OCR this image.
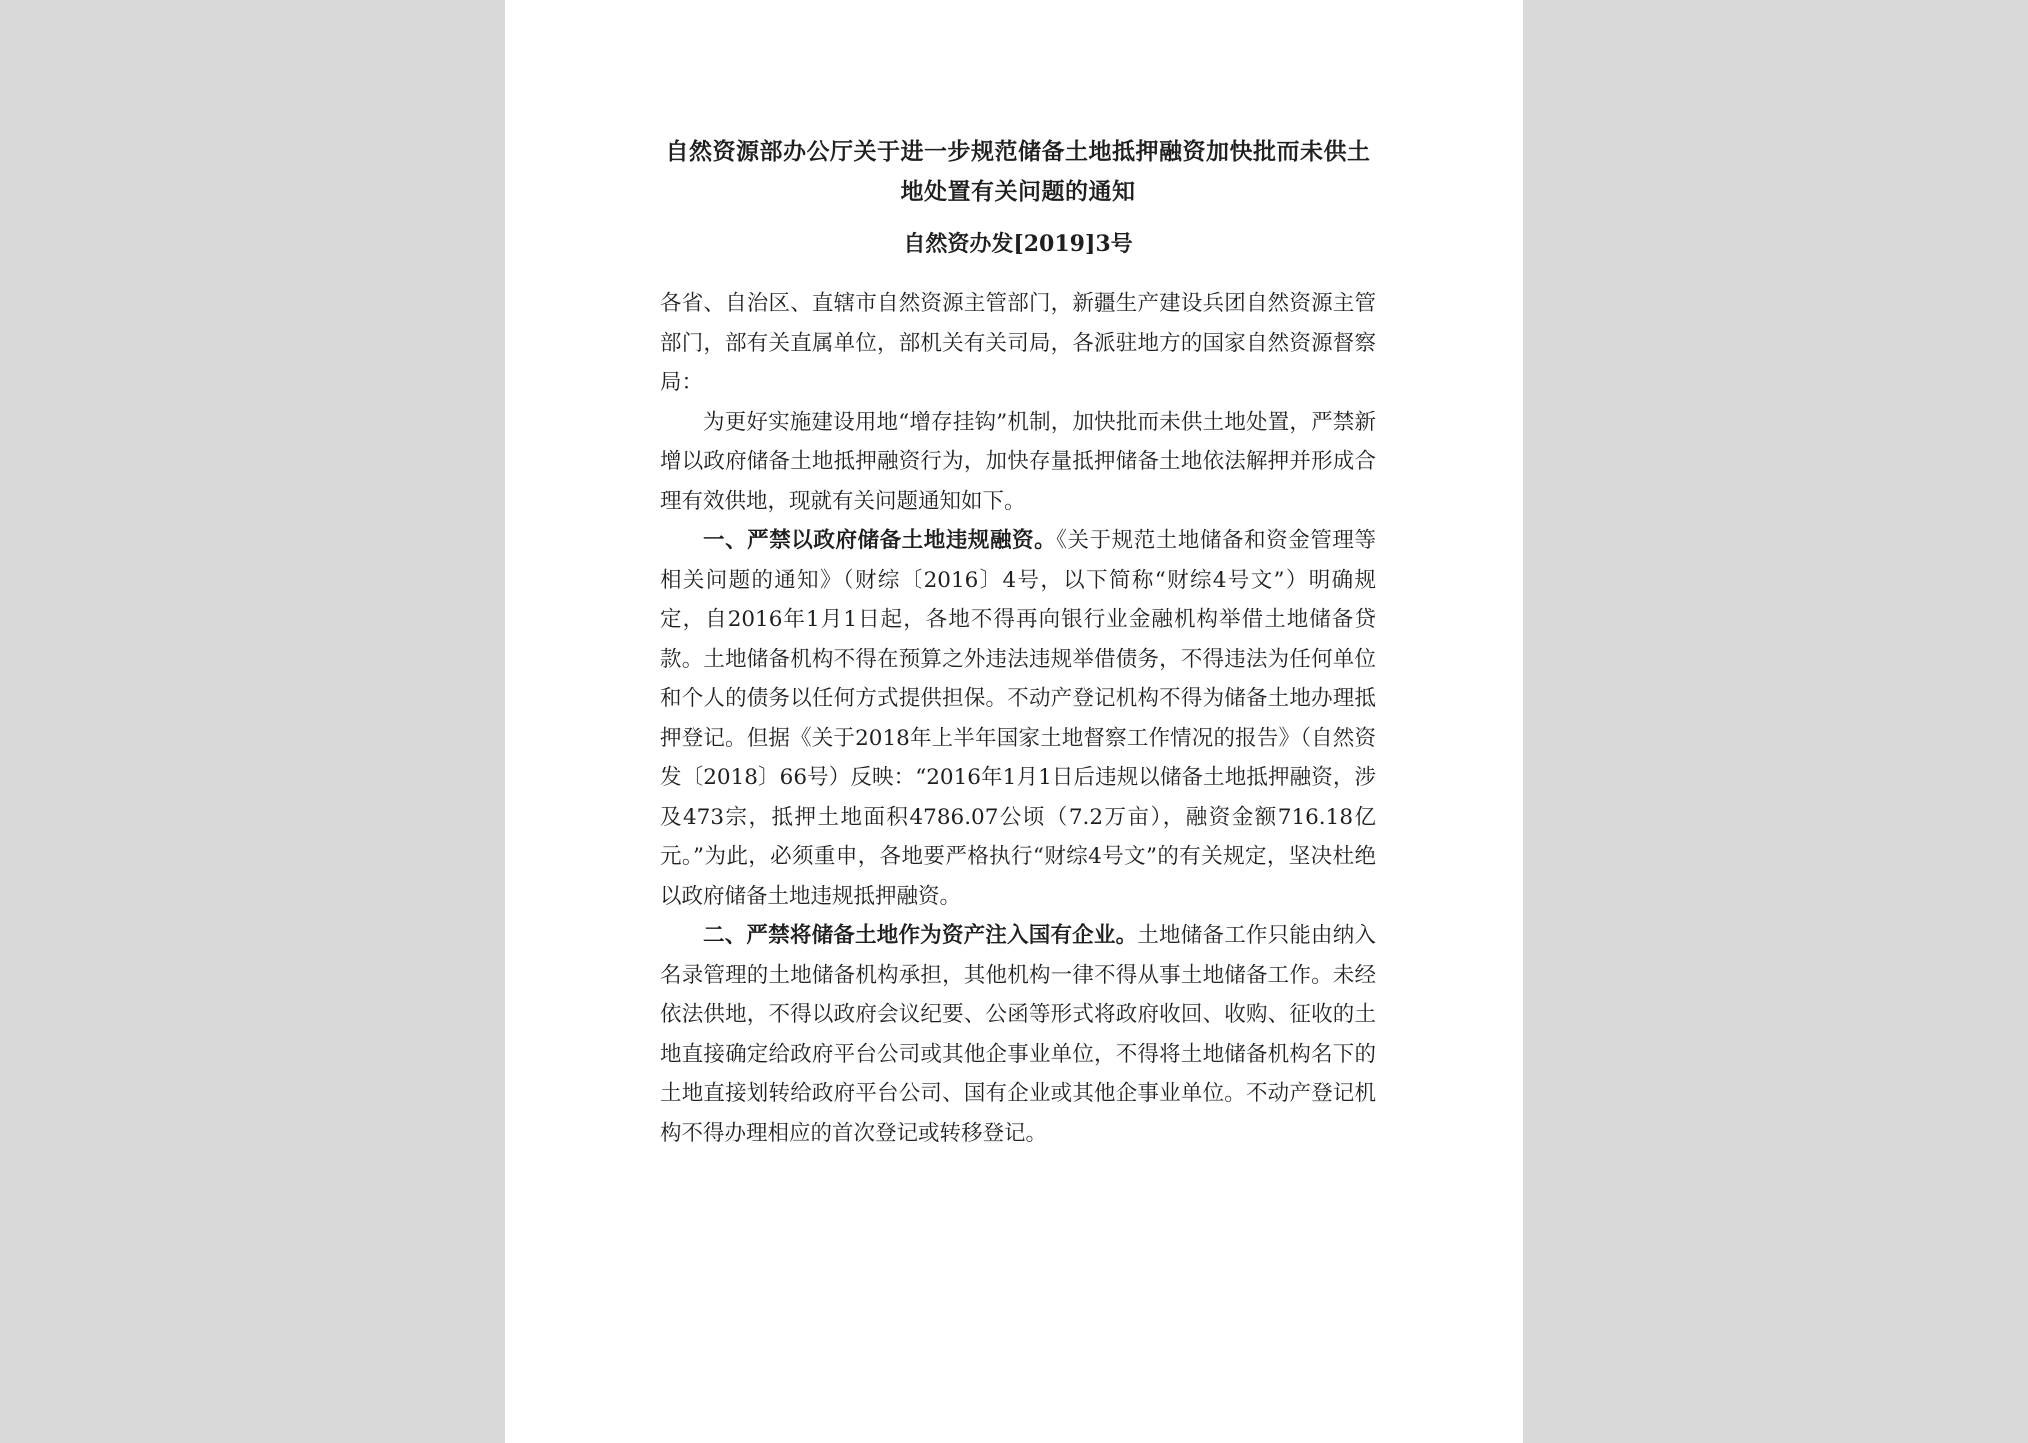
自然资源部办公厅关于进一步规范储备土地抵押融资加快批而未供土地处置有关问题的通知
自然资办发[2019]3号

各省、自治区、直辖市自然资源主管部门，新疆生产建设兵团自然资源主管部门，部有关直属单位，部机关有关司局，各派驻地方的国家自然资源督察局：

为更好实施建设用地“增存挂钩”机制，加快批而未供土地处置，严禁新增以政府储备土地抵押融资行为，加快存量抵押储备土地依法解押并形成合理有效供地，现就有关问题通知如下。

一、严禁以政府储备土地违规融资。《关于规范土地储备和资金管理等相关问题的通知》（财综〔2016〕4号，以下简称“财综4号文”）明确规定，自2016年1月1日起，各地不得再向银行业金融机构举借土地储备贷款。土地储备机构不得在预算之外违法违规举借债务，不得违法为任何单位和个人的债务以任何方式提供担保。不动产登记机构不得为储备土地办理抵押登记。但据《关于2018年上半年国家土地督察工作情况的报告》（自然资发〔2018〕66号）反映：“2016年1月1日后违规以储备土地抵押融资，涉及473宗，抵押土地面积4786.07公顷（7.2万亩），融资金额716.18亿元。”为此，必须重申，各地要严格执行“财综4号文”的有关规定，坚决杜绝以政府储备土地违规抵押融资。

二、严禁将储备土地作为资产注入国有企业。土地储备工作只能由纳入名录管理的土地储备机构承担，其他机构一律不得从事土地储备工作。未经依法供地，不得以政府会议纪要、公函等形式将政府收回、收购、征收的土地直接确定给政府平台公司或其他企事业单位，不得将土地储备机构名下的土地直接划转给政府平台公司、国有企业或其他企事业单位。不动产登记机构不得办理相应的首次登记或转移登记。
